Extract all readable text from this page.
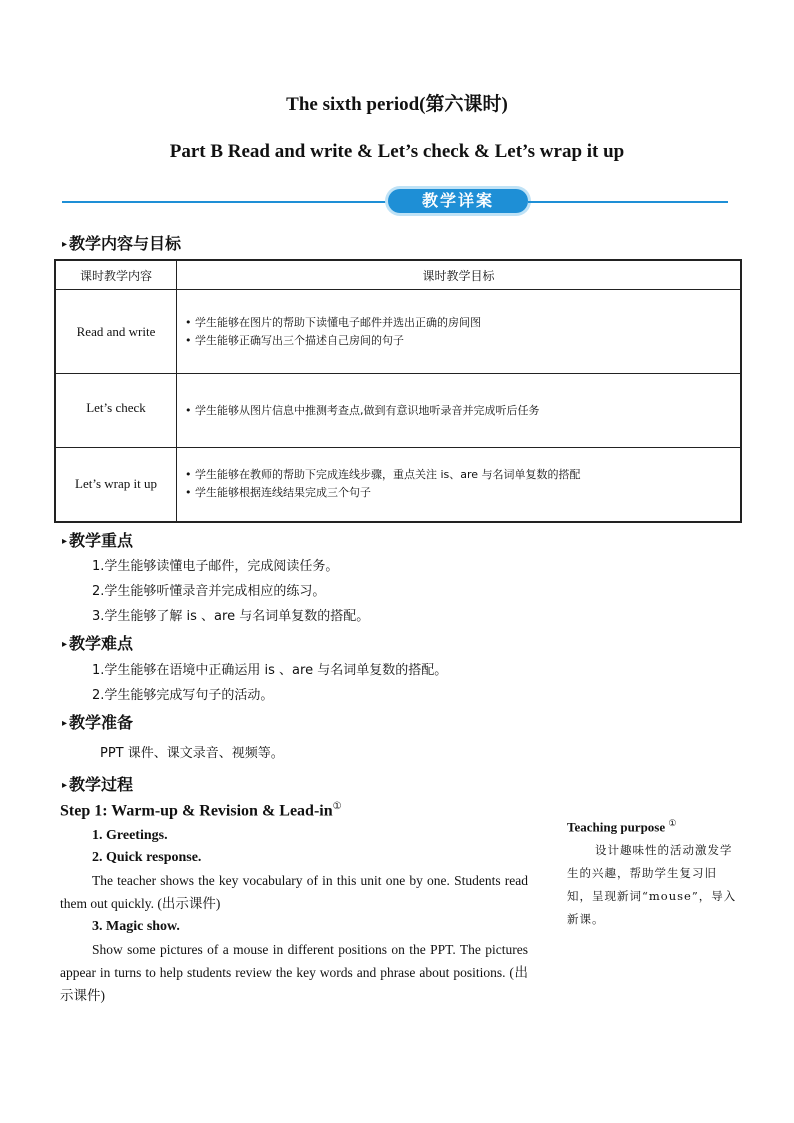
The sixth period(第六课时)
Part B Read and write & Let’s check & Let’s wrap it up
教学详案
▸ 教学内容与目标
课时教学内容	课时教学目标
Read and write	• 学生能够在图片的帮助下读懂电子邮件并选出正确的房间图
• 学生能够正确写出三个描述自己房间的句子

Let’s check	• 学生能够从图片信息中推测考查点,做到有意识地听录音并完成听后任务

Let’s wrap it up	• 学生能够在教师的帮助下完成连线步骤，重点关注 is、are 与名词单复数的搭配
• 学生能够根据连线结果完成三个句子
▸ 教学重点
1.学生能够读懂电子邮件，完成阅读任务。
2.学生能够听懂录音并完成相应的练习。
3.学生能够了解 is 、are 与名词单复数的搭配。
▸ 教学难点
1.学生能够在语境中正确运用 is 、are 与名词单复数的搭配。
2.学生能够完成写句子的活动。
▸ 教学准备
PPT 课件、课文录音、视频等。
▸ 教学过程
Step 1: Warm-up & Revision & Lead-in①
1. Greetings.
2. Quick response.
The teacher shows the key vocabulary of in this unit one by one. Students read them out quickly. (出示课件)
3. Magic show.
Show some pictures of a mouse in different positions on the PPT. The pictures appear in turns to help students review the key words and phrase about positions. (出示课件)
Teaching purpose ①
设计趣味性的活动激发学生的兴趣，帮助学生复习旧知，呈现新词“mouse”，导入新课。
